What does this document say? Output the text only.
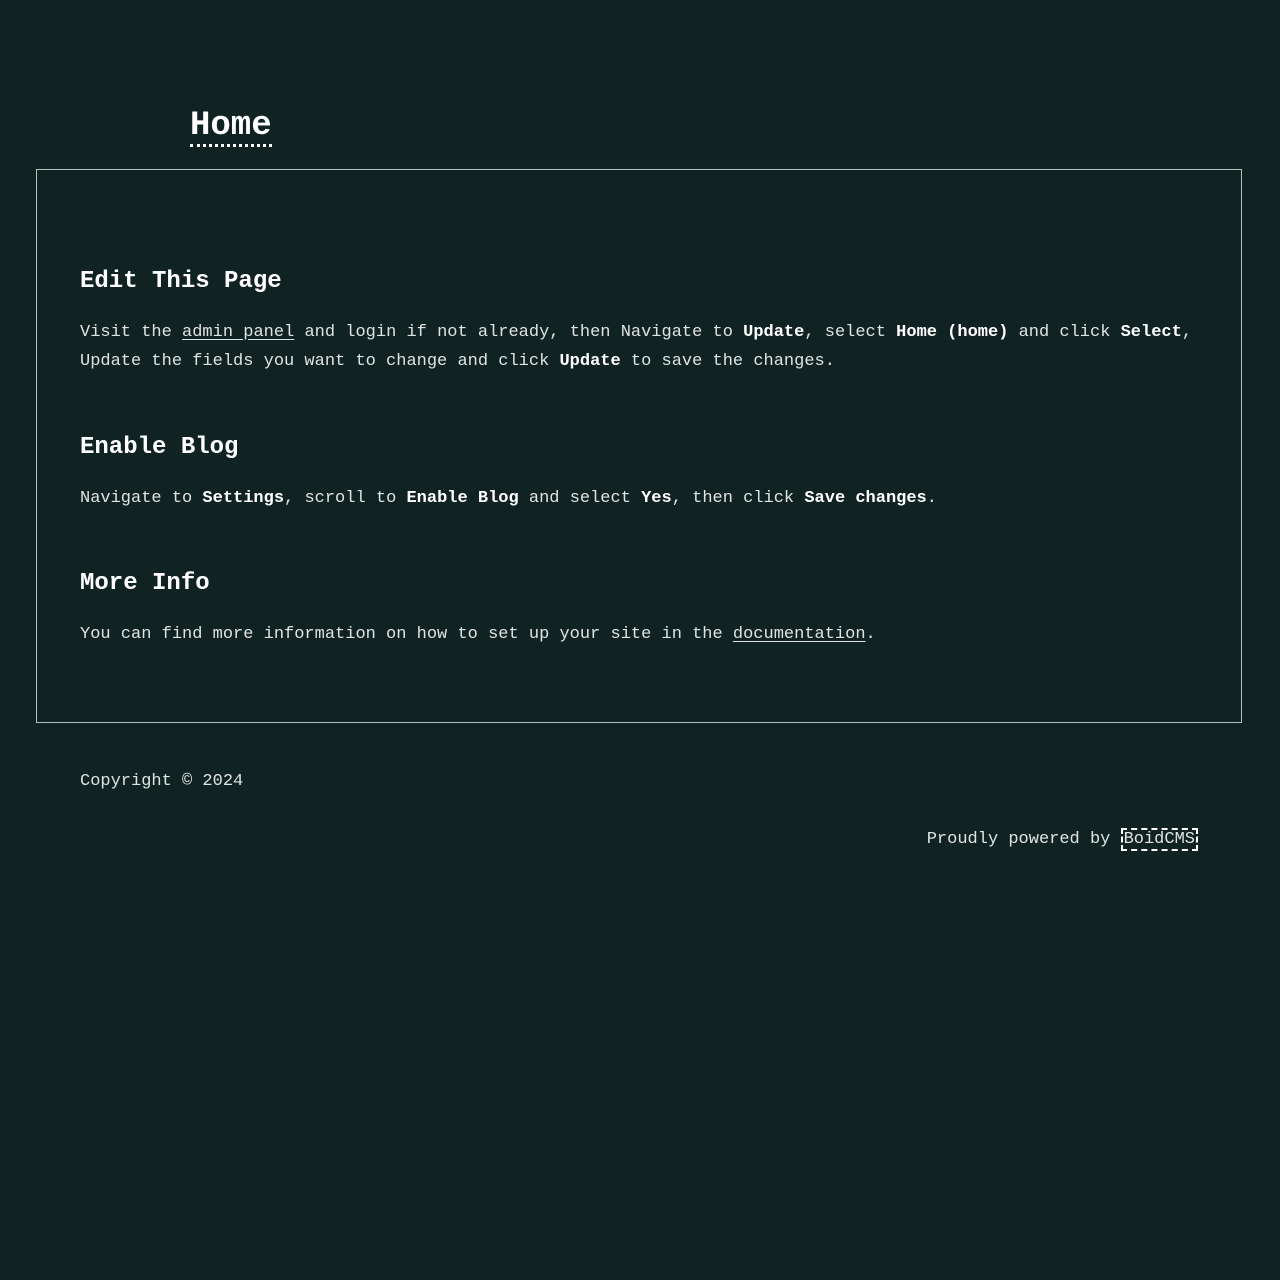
Home
Edit This Page

Visit the admin panel and login if not already, then Navigate to Update, select Home (home) and click Select, Update the fields you want to change and click Update to save the changes.

Enable Blog

Navigate to Settings, scroll to Enable Blog and select Yes, then click Save changes.

More Info

You can find more information on how to set up your site in the documentation.

Copyright © 2024
Proudly powered by BoidCMS
